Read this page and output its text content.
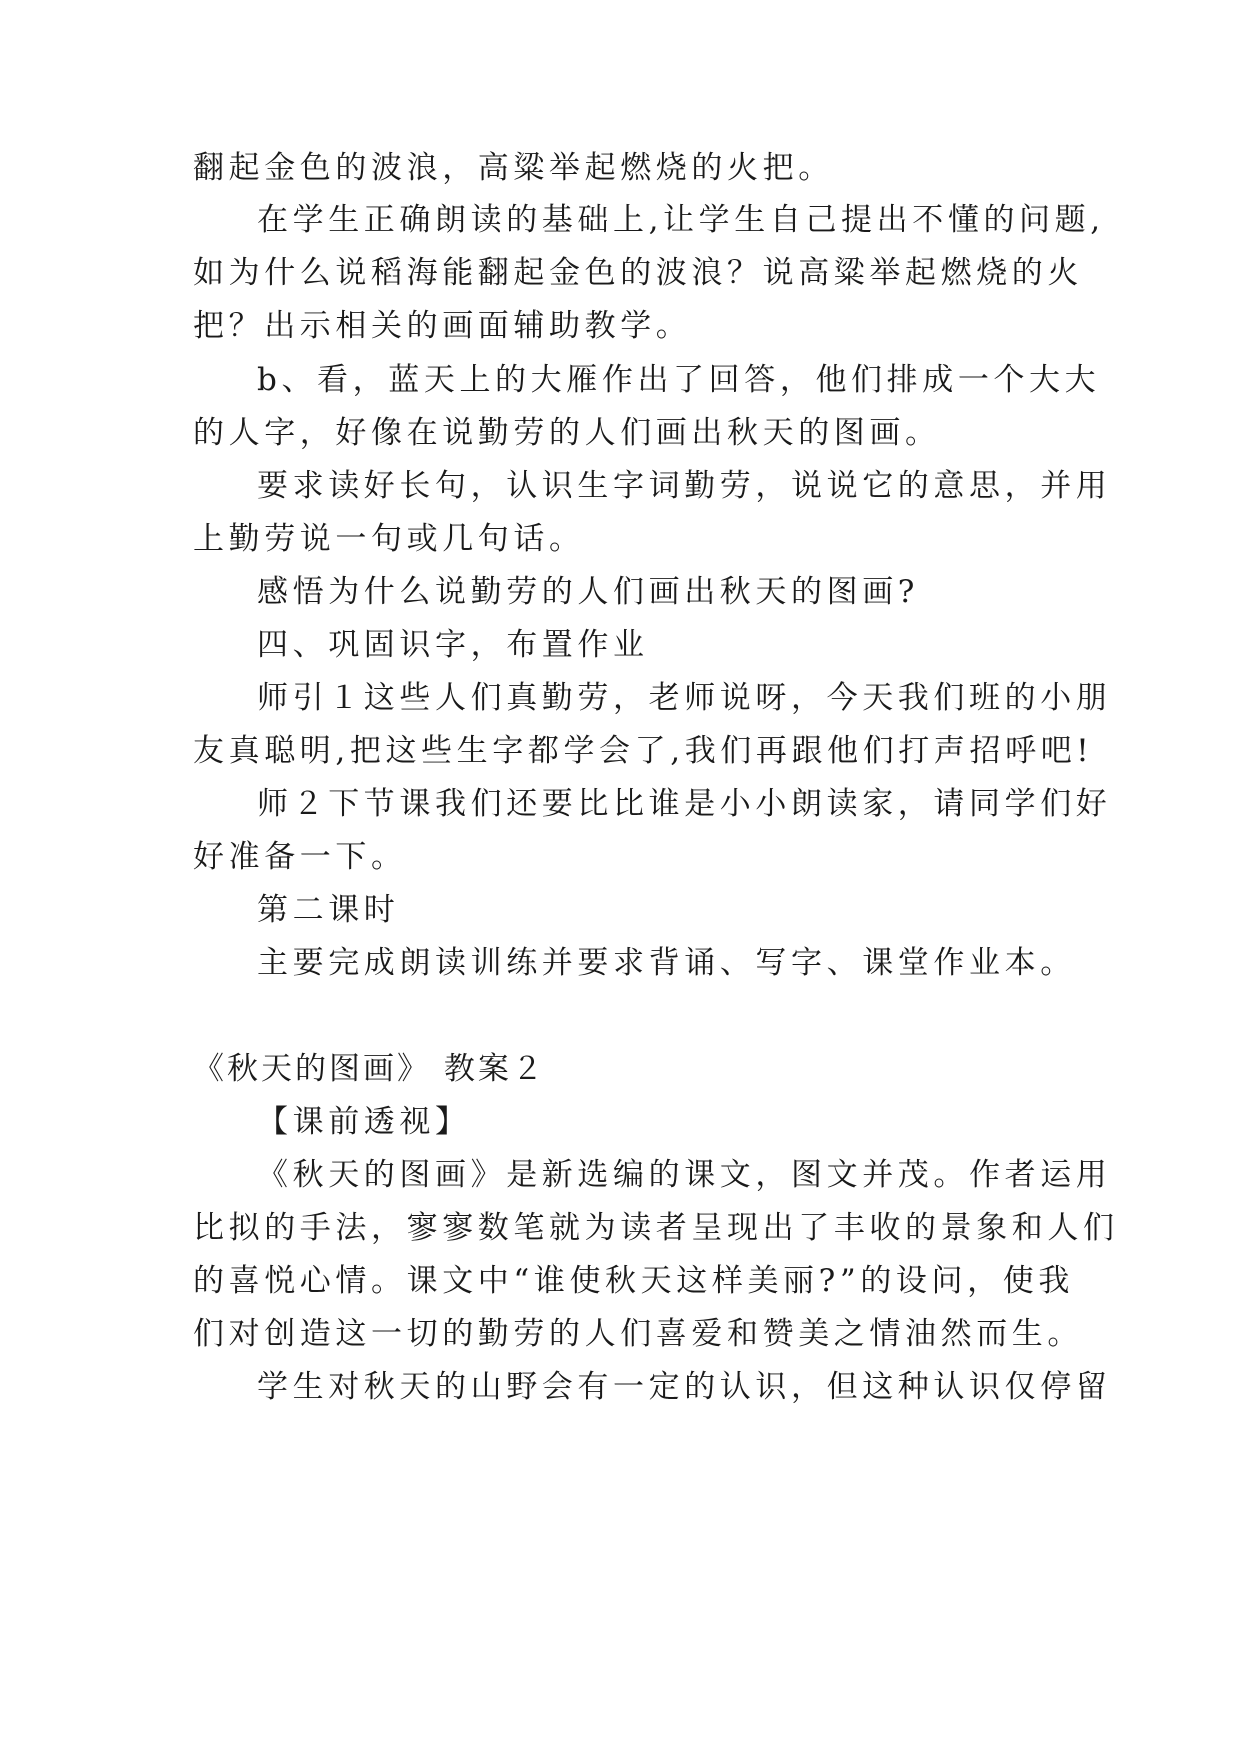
翻起金色的波浪，高粱举起燃烧的火把。

在学生正确朗读的基础上,让学生自己提出不懂的问题,

如为什么说稻海能翻起金色的波浪？说高粱举起燃烧的火

把？出示相关的画面辅助教学。

b、看，蓝天上的大雁作出了回答，他们排成一个大大

的人字，好像在说勤劳的人们画出秋天的图画。

要求读好长句，认识生字词勤劳，说说它的意思，并用

上勤劳说一句或几句话。

感悟为什么说勤劳的人们画出秋天的图画?

四、巩固识字，布置作业

师引１这些人们真勤劳，老师说呀，今天我们班的小朋

友真聪明,把这些生字都学会了,我们再跟他们打声招呼吧!

师２下节课我们还要比比谁是小小朗读家，请同学们好

好准备一下。

第二课时

主要完成朗读训练并要求背诵、写字、课堂作业本。

《秋天的图画》 教案２

【课前透视】

《秋天的图画》是新选编的课文，图文并茂。作者运用

比拟的手法，寥寥数笔就为读者呈现出了丰收的景象和人们

的喜悦心情。课文中“谁使秋天这样美丽?”的设问，使我

们对创造这一切的勤劳的人们喜爱和赞美之情油然而生。

学生对秋天的山野会有一定的认识，但这种认识仅停留
